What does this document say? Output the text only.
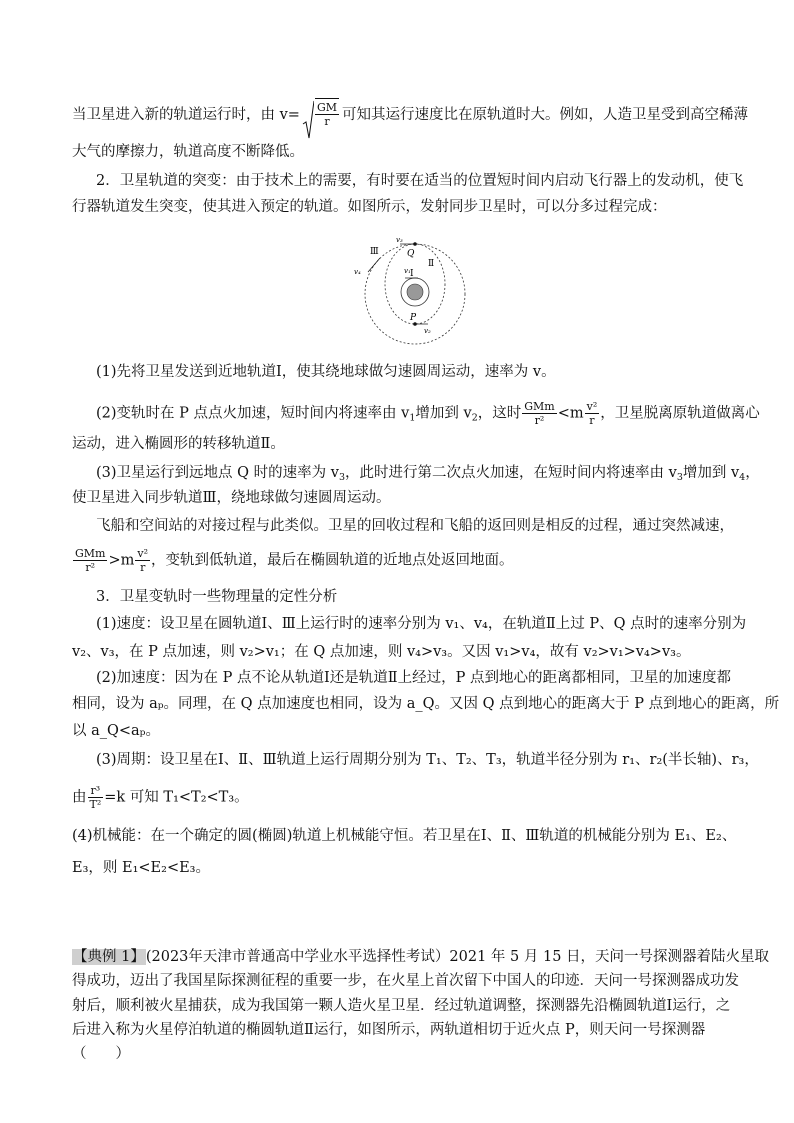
当卫星进入新的轨道运行时，由 $v= \frac{GM}{r}$ 可知其运行速度比在原轨道时大。例如，人造卫星受到高空稀薄
大气的摩擦力，轨道高度不断降低。
2．卫星轨道的突变：由于技术上的需要，有时要在适当的位置短时间内启动飞行器上的发动机，使飞
行器轨道发生突变，使其进入预定的轨道。如图所示，发射同步卫星时，可以分多过程完成：
Ⅲ
Ⅱ
Ⅰ
Q
P
v₃
v₄	v₁
v₂
(1)先将卫星发送到近地轨道Ⅰ，使其绕地球做匀速圆周运动，速率为 v。
(2)变轨时在 P 点点火加速，短时间内将速率由 $v_1$增加到 $v_2$，这时 $\frac{\text{GMm}}{\text{r²}} <m \frac{\text{v²}}{r}$ ，卫星脱离原轨道做离心
运动，进入椭圆形的转移轨道Ⅱ。
(3)卫星运行到远地点 Q 时的速率为 $v_3$，此时进行第二次点火加速，在短时间内将速率由 $v_3$增加到 $v_4$，
使卫星进入同步轨道Ⅲ，绕地球做匀速圆周运动。
飞船和空间站的对接过程与此类似。卫星的回收过程和飞船的返回则是相反的过程，通过突然减速，
$\frac{\text{GMm}}{\text{r²}} >m \frac{\text{v²}}{r}$ ，变轨到低轨道，最后在椭圆轨道的近地点处返回地面。
3．卫星变轨时一些物理量的定性分析
(1)速度：设卫星在圆轨道Ⅰ、Ⅲ上运行时的速率分别为 v₁、v₄，在轨道Ⅱ上过 P、Q 点时的速率分别为
v₂、v₃，在 P 点加速，则 v₂>v₁；在 Q 点加速，则 v₄>v₃。又因 v₁>v₄，故有 v₂>v₁>v₄>v₃。
(2)加速度：因为在 P 点不论从轨道Ⅰ还是轨道Ⅱ上经过，P 点到地心的距离都相同，卫星的加速度都
相同，设为 aₚ。同理，在 Q 点加速度也相同，设为 a_Q。又因 Q 点到地心的距离大于 P 点到地心的距离，所
以 a_Q<aₚ。
(3)周期：设卫星在Ⅰ、Ⅱ、Ⅲ轨道上运行周期分别为 T₁、T₂、T₃，轨道半径分别为 r₁、r₂(半长轴)、r₃，
由 $\frac{\text{r³}}{\text{T²}} =k$ 可知 T₁<T₂<T₃。
(4)机械能：在一个确定的圆(椭圆)轨道上机械能守恒。若卫星在Ⅰ、Ⅱ、Ⅲ轨道的机械能分别为 E₁、E₂、
E₃，则 E₁<E₂<E₃。
【典例 1】(2023年天津市普通高中学业水平选择性考试）2021 年 5 月 15 日，天问一号探测器着陆火星取
得成功，迈出了我国星际探测征程的重要一步，在火星上首次留下中国人的印迹．天问一号探测器成功发
射后，顺利被火星捕获，成为我国第一颗人造火星卫星．经过轨道调整，探测器先沿椭圆轨道Ⅰ运行，之
后进入称为火星停泊轨道的椭圆轨道Ⅱ运行，如图所示，两轨道相切于近火点 P，则天问一号探测器
（　　）
